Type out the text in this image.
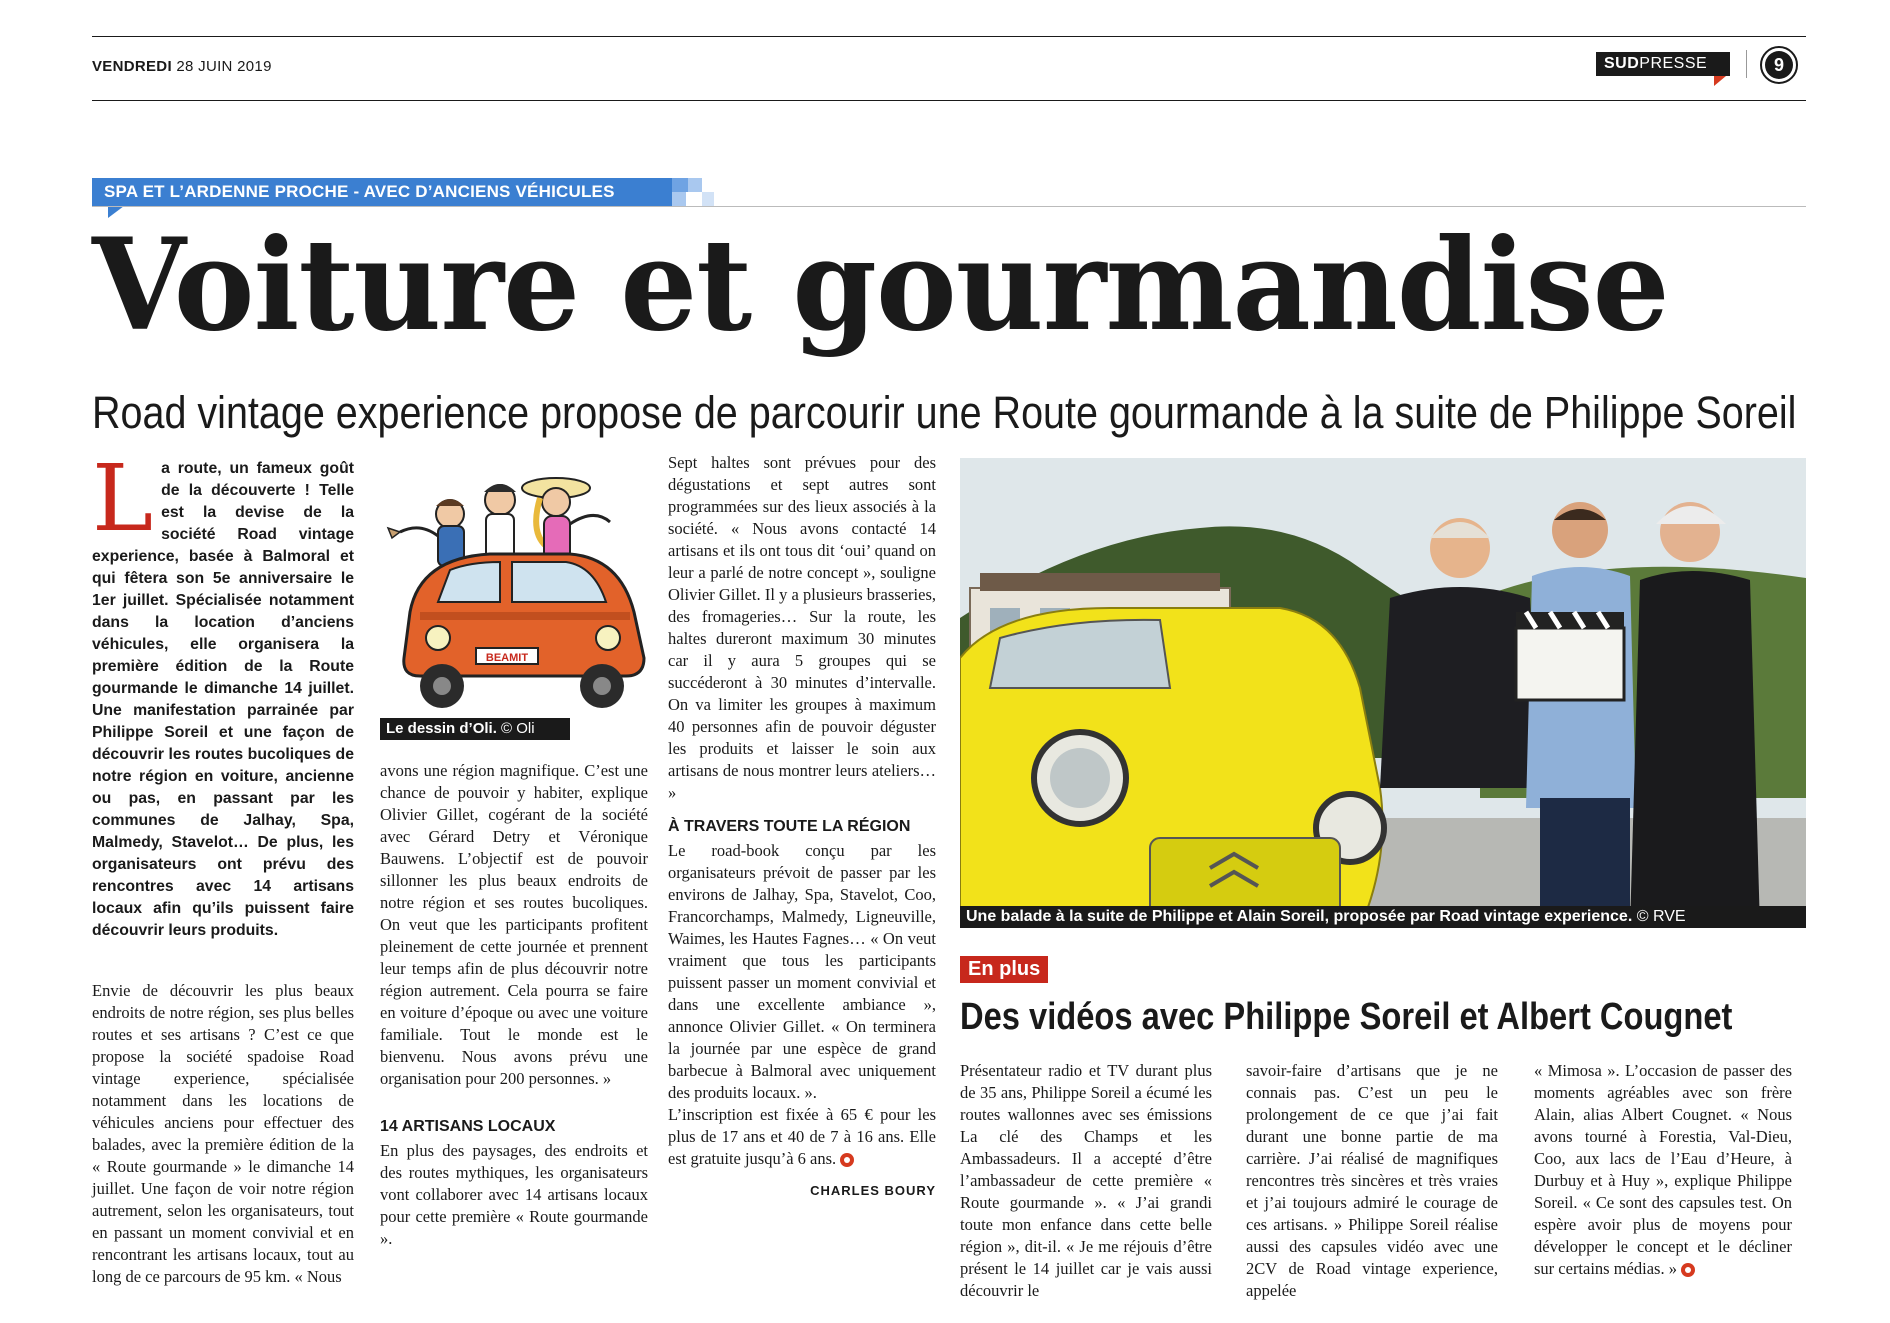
VENDREDI 28 JUIN 2019	SUDPRESSE	9
SPA ET L’ARDENNE PROCHE - AVEC D’ANCIENS VÉHICULES
Voiture et gourmandise
Road vintage experience propose de parcourir une Route gourmande à la suite de Philippe Soreil

La route, un fameux goût de la découverte ! Telle est la devise de la société Road vintage experience, basée à Balmoral et qui fêtera son 5e anniversaire le 1er juillet. Spécialisée notamment dans la location d’anciens véhicules, elle organisera la première édition de la Route gourmande le dimanche 14 juillet. Une manifestation parrainée par Philippe Soreil et une façon de découvrir les routes bucoliques de notre région en voiture, ancienne ou pas, en passant par les communes de Jalhay, Spa, Malmedy, Stavelot… De plus, les organisateurs ont prévu des rencontres avec 14 artisans locaux afin qu’ils puissent faire découvrir leurs produits.

Envie de découvrir les plus beaux endroits de notre région, ses plus belles routes et ses artisans ? C’est ce que propose la société spadoise Road vintage experience, spécialisée notamment dans les locations de véhicules anciens pour effectuer des balades, avec la première édition de la « Route gourmande » le dimanche 14 juillet. Une façon de voir notre région autrement, selon les organisateurs, tout en passant un moment convivial et en rencontrant les artisans locaux, tout au long de ce parcours de 95 km. « Nous

BEAMIT
Le dessin d’Oli. © Oli

avons une région magnifique. C’est une chance de pouvoir y habiter, explique Olivier Gillet, cogérant de la société avec Gérard Detry et Véronique Bauwens. L’objectif est de pouvoir sillonner les plus beaux endroits de notre région et ses routes bucoliques. On veut que les participants profitent pleinement de cette journée et prennent leur temps afin de plus découvrir notre région autrement. Cela pourra se faire en voiture d’époque ou avec une voiture familiale. Tout le monde est le bienvenu. Nous avons prévu une organisation pour 200 personnes. »

14 ARTISANS LOCAUX

En plus des paysages, des endroits et des routes mythiques, les organisateurs vont collaborer avec 14 artisans locaux pour cette première « Route gourmande ».

Sept haltes sont prévues pour des dégustations et sept autres sont programmées sur des lieux associés à la société. « Nous avons contacté 14 artisans et ils ont tous dit ‘oui’ quand on leur a parlé de notre concept », souligne Olivier Gillet. Il y a plusieurs brasseries, des fromageries… Sur la route, les haltes dureront maximum 30 minutes car il y aura 5 groupes qui se succéderont à 30 minutes d’intervalle. On va limiter les groupes à maximum 40 personnes afin de pouvoir déguster les produits et laisser le soin aux artisans de nous montrer leurs ateliers… »

À TRAVERS TOUTE LA RÉGION

Le road-book conçu par les organisateurs prévoit de passer par les environs de Jalhay, Spa, Stavelot, Coo, Francorchamps, Malmedy, Ligneuville, Waimes, les Hautes Fagnes… « On veut vraiment que tous les participants puissent passer un moment convivial et dans une excellente ambiance », annonce Olivier Gillet. « On terminera la journée par une espèce de grand barbecue à Balmoral avec uniquement des produits locaux. ».

L’inscription est fixée à 65 € pour les plus de 17 ans et 40 de 7 à 16 ans. Elle est gratuite jusqu’à 6 ans.

CHARLES BOURY
Une balade à la suite de Philippe et Alain Soreil, proposée par Road vintage experience. © RVE
En plus
Des vidéos avec Philippe Soreil et Albert Cougnet

Présentateur radio et TV durant plus de 35 ans, Philippe Soreil a écumé les routes wallonnes avec ses émissions La clé des Champs et les Ambassadeurs. Il a accepté d’être l’ambassadeur de cette première « Route gourmande ». « J’ai grandi toute mon enfance dans cette belle région », dit-il. « Je me réjouis d’être présent le 14 juillet car je vais aussi découvrir le

savoir-faire d’artisans que je ne connais pas. C’est un peu le prolongement de ce que j’ai fait durant une bonne partie de ma carrière. J’ai réalisé de magnifiques rencontres très sincères et très vraies et j’ai toujours admiré le courage de ces artisans. » Philippe Soreil réalise aussi des capsules vidéo avec une 2CV de Road vintage experience, appelée

« Mimosa ». L’occasion de passer des moments agréables avec son frère Alain, alias Albert Cougnet. « Nous avons tourné à Forestia, Val-Dieu, Coo, aux lacs de l’Eau d’Heure, à Durbuy et à Huy », explique Philippe Soreil. « Ce sont des capsules test. On espère avoir plus de moyens pour développer le concept et le décliner sur certains médias. »
